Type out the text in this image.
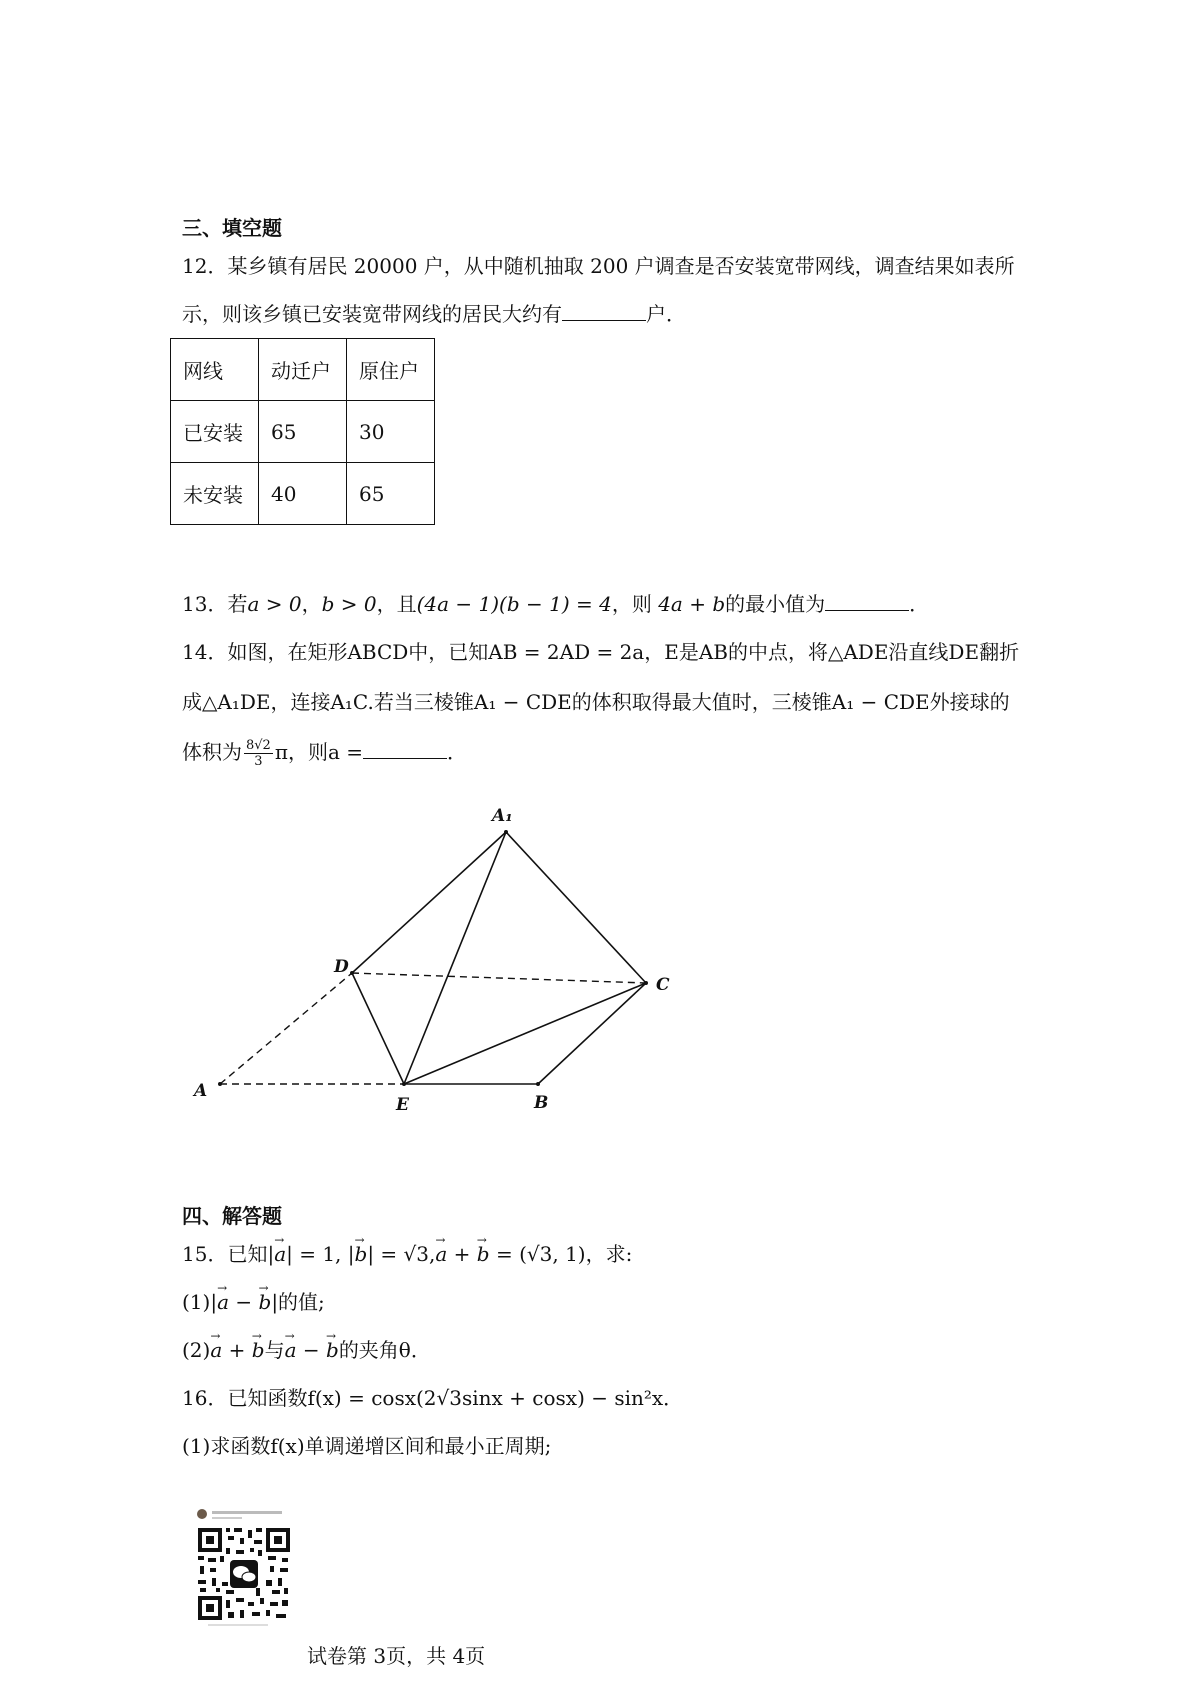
三、填空题
12．某乡镇有居民 20000 户，从中随机抽取 200 户调查是否安装宽带网线，调查结果如表所
示，则该乡镇已安装宽带网线的居民大约有	户．
网线	动迁户	原住户
已安装	65	30
未安装	40	65
13．若a > 0，b > 0，且(4a − 1)(b − 1) = 4，则 4a + b的最小值为	．
14．如图，在矩形ABCD中，已知AB = 2AD = 2a，E是AB的中点，将△ADE沿直线DE翻折
成△A₁DE，连接A₁C.若当三棱锥A₁ − CDE的体积取得最大值时，三棱锥A₁ − CDE外接球的
体积为 $\frac{8√2}{3}$ π，则a =	．
A₁
D
C
A
E	B
四、解答题
15．已知|→ a| = 1, |→ b| = √3,→ a + → b = (√3, 1)，求:
(1)|→ a − → b|的值;
(2)→ a + → b与→ a − → b的夹角θ．
16．已知函数f(x) = cosx(2√3sinx + cosx) − sin²x．
(1)求函数f(x)单调递增区间和最小正周期;
试卷第 3页，共 4页
